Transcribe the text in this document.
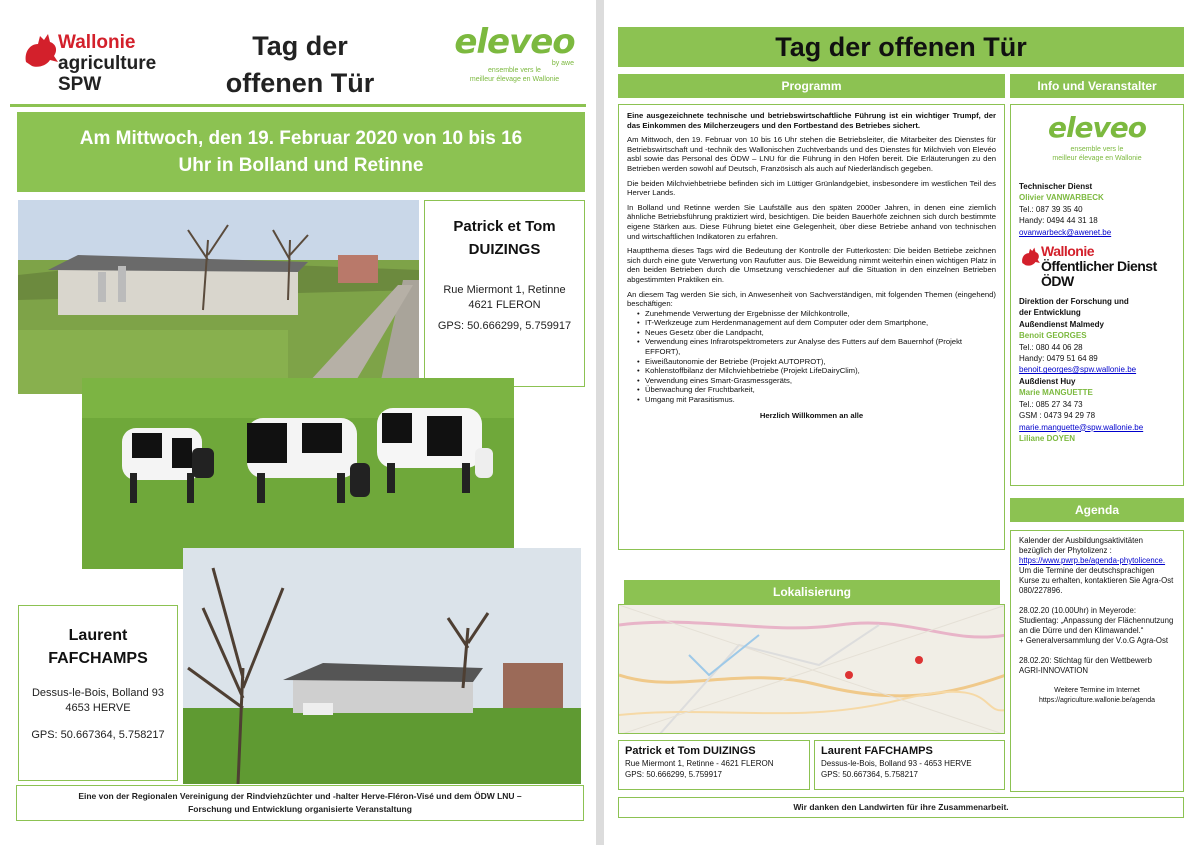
Wallonie
agriculture
SPW
Tag der
offenen Tür
eleveo
by awe
ensemble vers le
meilleur élevage en Wallonie
Am Mittwoch, den 19. Februar 2020 von 10 bis 16
Uhr in Bolland und Retinne
Patrick et Tom
DUIZINGS
Rue Miermont 1, Retinne
4621 FLERON
GPS: 50.666299, 5.759917
Laurent
FAFCHAMPS
Dessus-le-Bois, Bolland 93
4653 HERVE
GPS: 50.667364, 5.758217
Eine von der Regionalen Vereinigung der Rindviehzüchter und -halter Herve-Fléron-Visé und dem ÖDW LNU –
Forschung und Entwicklung organisierte Veranstaltung
Tag der offenen Tür
Programm

Eine ausgezeichnete technische und betriebswirtschaftliche Führung ist ein wichtiger Trumpf, der das Einkommen des Milcherzeugers und den Fortbestand des Betriebes sichert.

Am Mittwoch, den 19. Februar von 10 bis 16 Uhr stehen die Betriebsleiter, die Mitarbeiter des Dienstes für Betriebswirtschaft und -technik des Wallonischen Zuchtverbands und des Dienstes für Milchvieh von Elevéo asbl sowie das Personal des ÖDW – LNU für die Führung in den Höfen bereit. Die Erläuterungen zu den Betrieben werden sowohl auf Deutsch, Französisch als auch auf Niederländisch gegeben.

Die beiden Milchviehbetriebe befinden sich im Lüttiger Grünlandgebiet, insbesondere im westlichen Teil des Herver Lands.

In Bolland und Retinne werden Sie Laufställe aus den späten 2000er Jahren, in denen eine ziemlich ähnliche Betriebsführung praktiziert wird, besichtigen. Die beiden Bauerhöfe zeichnen sich durch bestimmte eigene Stärken aus. Diese Führung bietet eine Gelegenheit, über diese Betriebe anhand von technischen und wirtschaftlichen Indikatoren zu erfahren.

Hauptthema dieses Tags wird die Bedeutung der Kontrolle der Futterkosten: Die beiden Betriebe zeichnen sich durch eine gute Verwertung von Raufutter aus. Die Beweidung nimmt weiterhin einen wichtigen Platz in den beiden Betrieben durch die Umsetzung verschiedener auf die Situation in den einzelnen Betrieben abgestimmten Praktiken ein.

An diesem Tag werden Sie sich, in Anwesenheit von Sachverständigen, mit folgenden Themen (eingehend) beschäftigen:

• Zunehmende Verwertung der Ergebnisse der Milchkontrolle,
• IT-Werkzeuge zum Herdenmanagement auf dem Computer oder dem Smartphone,
• Neues Gesetz über die Landpacht,
• Verwendung eines Infrarotspektrometers zur Analyse des Futters auf dem Bauernhof (Projekt EFFORT),
• Eiweißautonomie der Betriebe (Projekt AUTOPROT),
• Kohlenstoffbilanz der Milchviehbetriebe (Projekt LifeDairyClim),
• Verwendung eines Smart-Grasmessgeräts,
• Überwachung der Fruchtbarkeit,
• Umgang mit Parasitismus.
Herzlich Willkommen an alle
Info und Veranstalter
eleveo
ensemble vers le
meilleur élevage en Wallonie
Technischer Dienst
Olivier VANWARBECK
Tel.: 087 39 35 40
Handy: 0494 44 31 18
ovanwarbeck@awenet.be
Wallonie
Öffentlicher Dienst
ÖDW
Direktion der Forschung und
der Entwicklung
Außendienst Malmedy
Benoit GEORGES
Tel.: 080 44 06 28
Handy: 0479 51 64 89
benoit.georges@spw.wallonie.be
Außdienst Huy
Marie MANGUETTE
Tel.: 085 27 34 73
GSM : 0473 94 29 78
marie.manguette@spw.wallonie.be
Liliane DOYEN
Agenda
Kalender der Ausbildungsaktivitäten bezüglich der Phytolizenz :
https://www.pwrp.be/agenda-phytolicence.
Um die Termine der deutschsprachigen Kurse zu erhalten, kontaktieren Sie Agra-Ost 080/227896.
28.02.20 (10.00Uhr) in Meyerode: Studientag: „Anpassung der Flächennutzung an die Dürre und den Klimawandel.“
+ Generalversammlung der V.o.G Agra-Ost
28.02.20: Stichtag für den Wettbewerb AGRI-INNOVATION
Weitere Termine im Internet
https://agriculture.wallonie.be/agenda
Lokalisierung
Patrick et Tom DUIZINGS
Rue Miermont 1, Retinne - 4621 FLERON
GPS: 50.666299, 5.759917
Laurent FAFCHAMPS
Dessus-le-Bois, Bolland 93 - 4653 HERVE
GPS: 50.667364, 5.758217
Wir danken den Landwirten für ihre Zusammenarbeit.
